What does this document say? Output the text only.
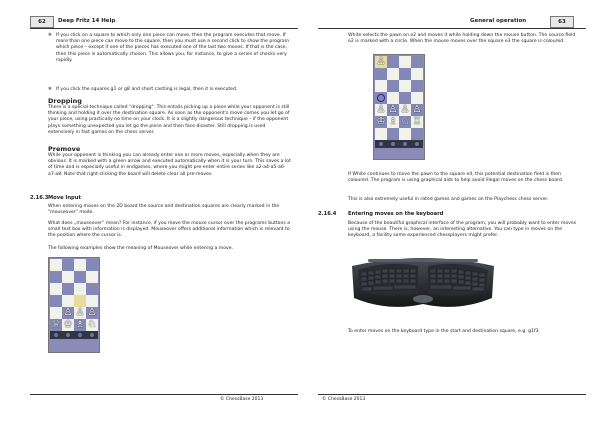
62	Deep Fritz 14 Help
✱ If you click on a square to which only one piece can move, then the program executes that move. If more than one piece can move to the square, then you must use a second click to show the program which piece – except if one of the pieces has executed one of the last two moves. If that is the case, then this piece is automatically chosen. This allows you, for instance, to give a series of checks very rapidly.

✱ If you click the squares g1 or g8 and short castling is legal, then it is executed.

Dropping

There is a special technique called "dropping". This entails picking up a piece while your opponent is still thinking and holding it over the destination square. As soon as the opponent's move comes you let go of your piece, using practically no time on your clock. It is a slightly dangerous technique – if the opponent plays something unexpected you let go the piece and then face disaster. Still dropping is used extensively in fast games on the chess server.

Premove

While your opponent is thinking you can already enter one or more moves, especially when they are obvious. It is marked with a green arrow and executed automatically when it is your turn. This saves a lot of time and is especially useful in endgames, where you might pre-enter entire series like a2-a4-a5-a6-a7-a8. Note that right-clicking the board will delete clear all pre-moves.

2.16.3 Move Input

When entering moves on the 2D board the source and destination squares are clearly marked in the "mouseover" mode.

What does „mouseover“ mean? For instance, if you move the mouse cursor over the programs buttons a small text box with information is displayed. Mouseover offers additional information which is relevant to the position where the cursor is.

The following examples show the meaning of Mouseover while entering a move.

♙ ♙ ♙
♕ ♔ ♗ ♘
© ChessBase 2013
General operation	63

White selects the pawn on e2 and moves it while holding down the mouse button. The source field e2 is marked with a circle. When the mouse moves over the square e3 the square is coloured.

♙
♙ ♙ ♙ ♙
♔ ♗ ♘ ♖

If White continues to move the pawn to the square e4, this potential destination field is then coloured. The program is using graphical aids to help avoid illegal moves on the chess board.

This is also extremely useful in rated games and games on the Playchess chess server.

2.16.4 Entering moves on the keyboard

Because of the beautiful graphical interface of the program, you will probably want to enter moves using the mouse. There is, however, an interesting alternative. You can type in moves on the keyboard, a facility some experienced chessplayers might prefer.

To enter moves on the keyboard type in the start and destination square, e.g. g1f3.

© ChessBase 2013
